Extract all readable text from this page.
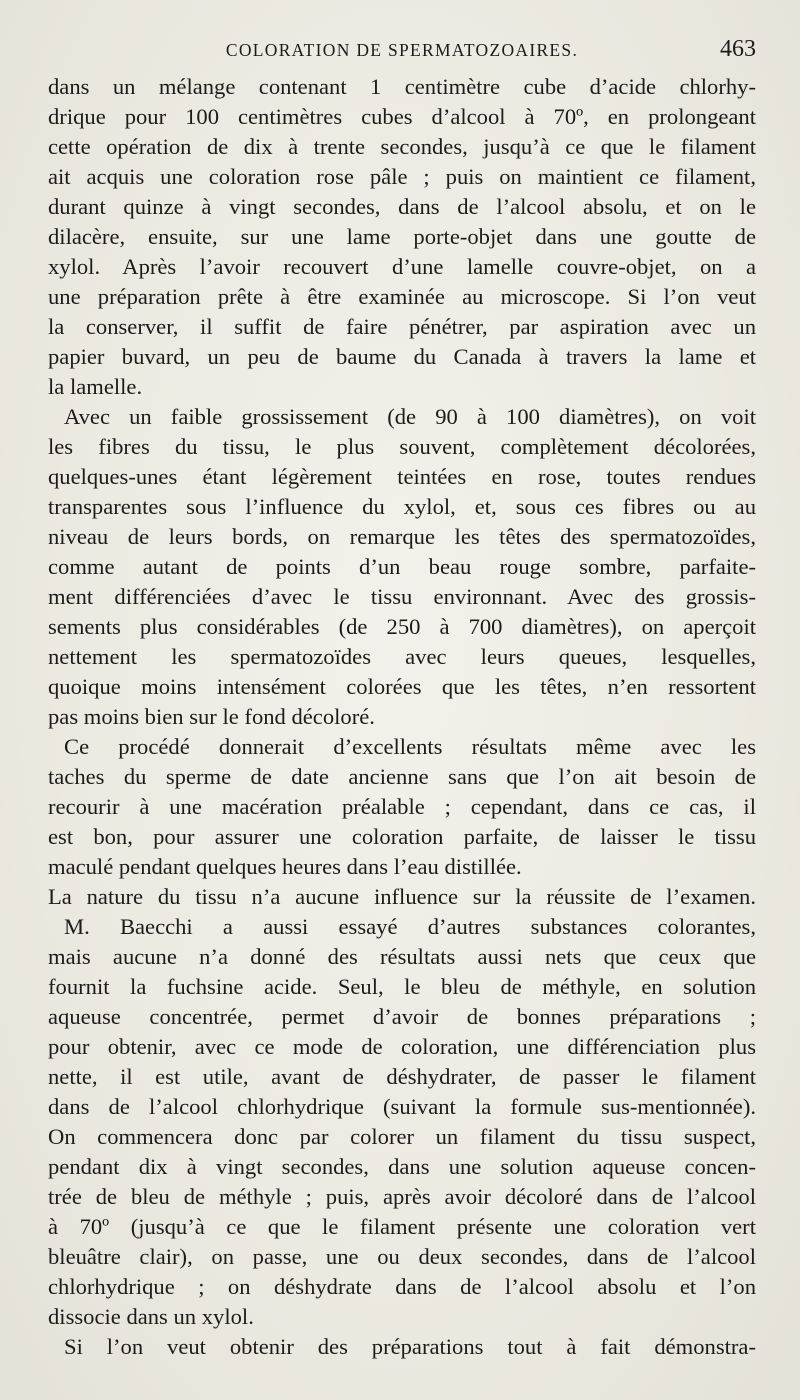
COLORATION DE SPERMATOZOAIRES.	463
dans un mélange contenant 1 centimètre cube d’acide chlorhy-
drique pour 100 centimètres cubes d’alcool à 70º, en prolongeant
cette opération de dix à trente secondes, jusqu’à ce que le filament
ait acquis une coloration rose pâle ; puis on maintient ce filament,
durant quinze à vingt secondes, dans de l’alcool absolu, et on le
dilacère, ensuite, sur une lame porte-objet dans une goutte de
xylol. Après l’avoir recouvert d’une lamelle couvre-objet, on a
une préparation prête à être examinée au microscope. Si l’on veut
la conserver, il suffit de faire pénétrer, par aspiration avec un
papier buvard, un peu de baume du Canada à travers la lame et
la lamelle.
Avec un faible grossissement (de 90 à 100 diamètres), on voit
les fibres du tissu, le plus souvent, complètement décolorées,
quelques-unes étant légèrement teintées en rose, toutes rendues
transparentes sous l’influence du xylol, et, sous ces fibres ou au
niveau de leurs bords, on remarque les têtes des spermatozoïdes,
comme autant de points d’un beau rouge sombre, parfaite-
ment différenciées d’avec le tissu environnant. Avec des grossis-
sements plus considérables (de 250 à 700 diamètres), on aperçoit
nettement les spermatozoïdes avec leurs queues, lesquelles,
quoique moins intensément colorées que les têtes, n’en ressortent
pas moins bien sur le fond décoloré.
Ce procédé donnerait d’excellents résultats même avec les
taches du sperme de date ancienne sans que l’on ait besoin de
recourir à une macération préalable ; cependant, dans ce cas, il
est bon, pour assurer une coloration parfaite, de laisser le tissu
maculé pendant quelques heures dans l’eau distillée.
La nature du tissu n’a aucune influence sur la réussite de l’examen.
M. Baecchi a aussi essayé d’autres substances colorantes,
mais aucune n’a donné des résultats aussi nets que ceux que
fournit la fuchsine acide. Seul, le bleu de méthyle, en solution
aqueuse concentrée, permet d’avoir de bonnes préparations ;
pour obtenir, avec ce mode de coloration, une différenciation plus
nette, il est utile, avant de déshydrater, de passer le filament
dans de l’alcool chlorhydrique (suivant la formule sus-mentionnée).
On commencera donc par colorer un filament du tissu suspect,
pendant dix à vingt secondes, dans une solution aqueuse concen-
trée de bleu de méthyle ; puis, après avoir décoloré dans de l’alcool
à 70º (jusqu’à ce que le filament présente une coloration vert
bleuâtre clair), on passe, une ou deux secondes, dans de l’alcool
chlorhydrique ; on déshydrate dans de l’alcool absolu et l’on
dissocie dans un xylol.
Si l’on veut obtenir des préparations tout à fait démonstra-
